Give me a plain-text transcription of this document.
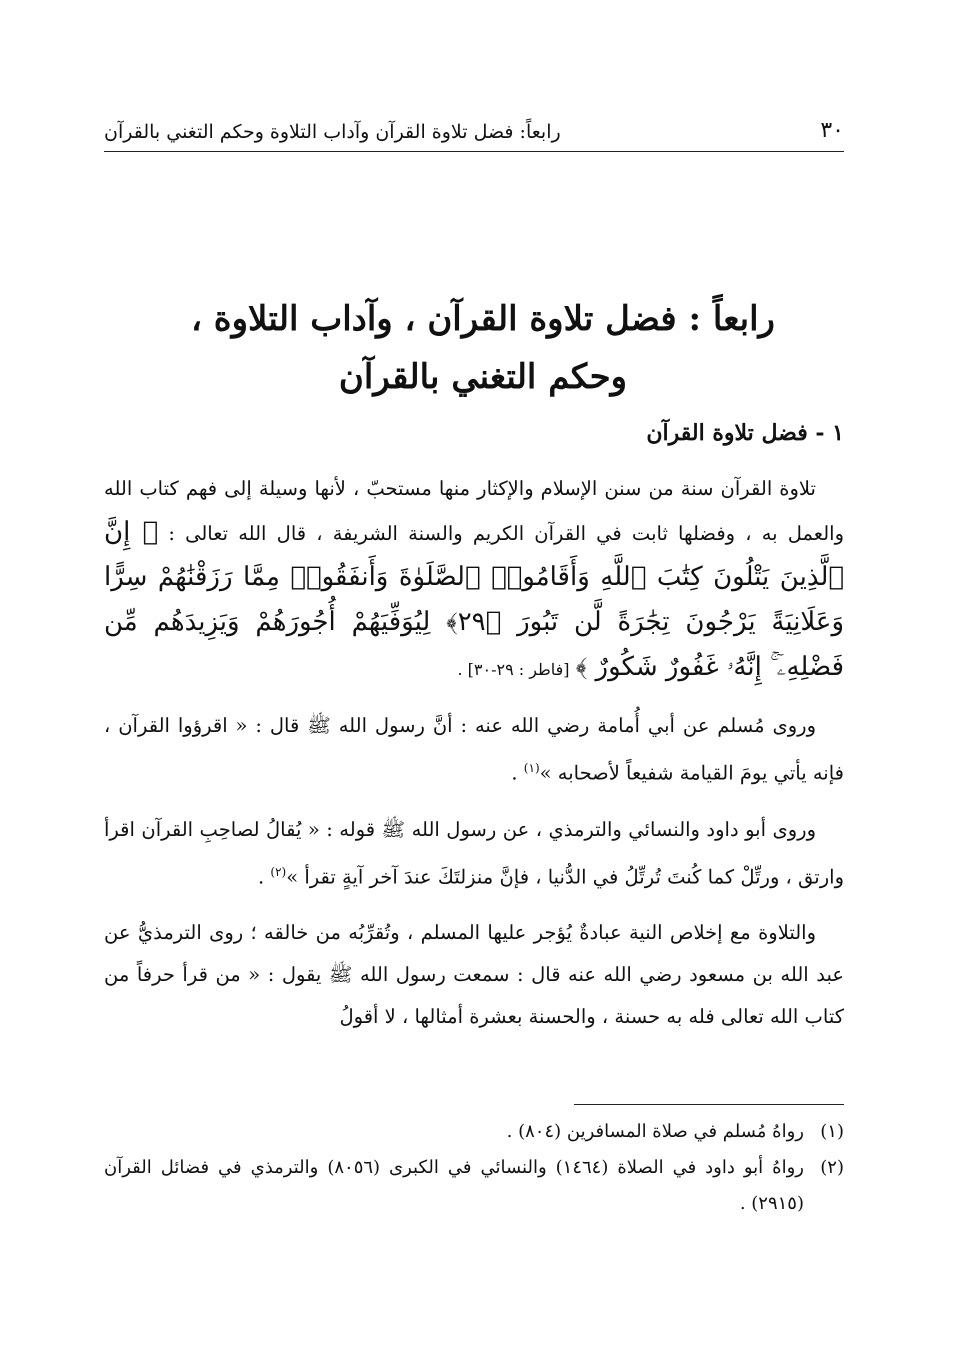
٣٠
رابعاً: فضل تلاوة القرآن وآداب التلاوة وحكم التغني بالقرآن
رابعاً : فضل تلاوة القرآن ، وآداب التلاوة ،
وحكم التغني بالقرآن
١ - فضل تلاوة القرآن

تلاوة القرآن سنة من سنن الإسلام والإكثار منها مستحبّ ، لأنها وسيلة إلى فهم كتاب الله والعمل به ، وفضلها ثابت في القرآن الكريم والسنة الشريفة ، قال الله تعالى : ﴿ إِنَّ ٱلَّذِينَ يَتْلُونَ كِتَٰبَ ٱللَّهِ وَأَقَامُوا۟ ٱلصَّلَوٰةَ وَأَنفَقُوا۟ مِمَّا رَزَقْنَٰهُمْ سِرًّا وَعَلَانِيَةً يَرْجُونَ تِجَٰرَةً لَّن تَبُورَ ﴿٢٩﴾ لِيُوَفِّيَهُمْ أُجُورَهُمْ وَيَزِيدَهُم مِّن فَضْلِهِۦٓ ۚ إِنَّهُۥ غَفُورٌ شَكُورٌ ﴾ [فاطر : ٢٩-٣٠] .

وروى مُسلم عن أبي أُمامة رضي الله عنه : أنَّ رسول الله ﷺ قال : « اقرؤوا القرآن ، فإنه يأتي يومَ القيامة شفيعاً لأصحابه »$^{(١)}$ .

وروى أبو داود والنسائي والترمذي ، عن رسول الله ﷺ قوله : « يُقالُ لصاحِبِ القرآن اقرأ وارتق ، ورتِّلْ كما كُنتَ تُرتِّلُ في الدُّنيا ، فإنَّ منزلتَكَ عندَ آخر آيةٍ تقرأ »$^{(٢)}$ .

والتلاوة مع إخلاص النية عبادةٌ يُؤجر عليها المسلم ، وتُقرِّبُه من خالقه ؛ روى الترمذيُّ عن عبد الله بن مسعود رضي الله عنه قال : سمعت رسول الله ﷺ يقول : « من قرأ حرفاً من كتاب الله تعالى فله به حسنة ، والحسنة بعشرة أمثالها ، لا أقولُ

(١)
رواهُ مُسلم في صلاة المسافرين (٨٠٤) .
(٢)
رواهُ أبو داود في الصلاة (١٤٦٤) والنسائي في الكبرى (٨٠٥٦) والترمذي في فضائل القرآن (٢٩١٥) .
